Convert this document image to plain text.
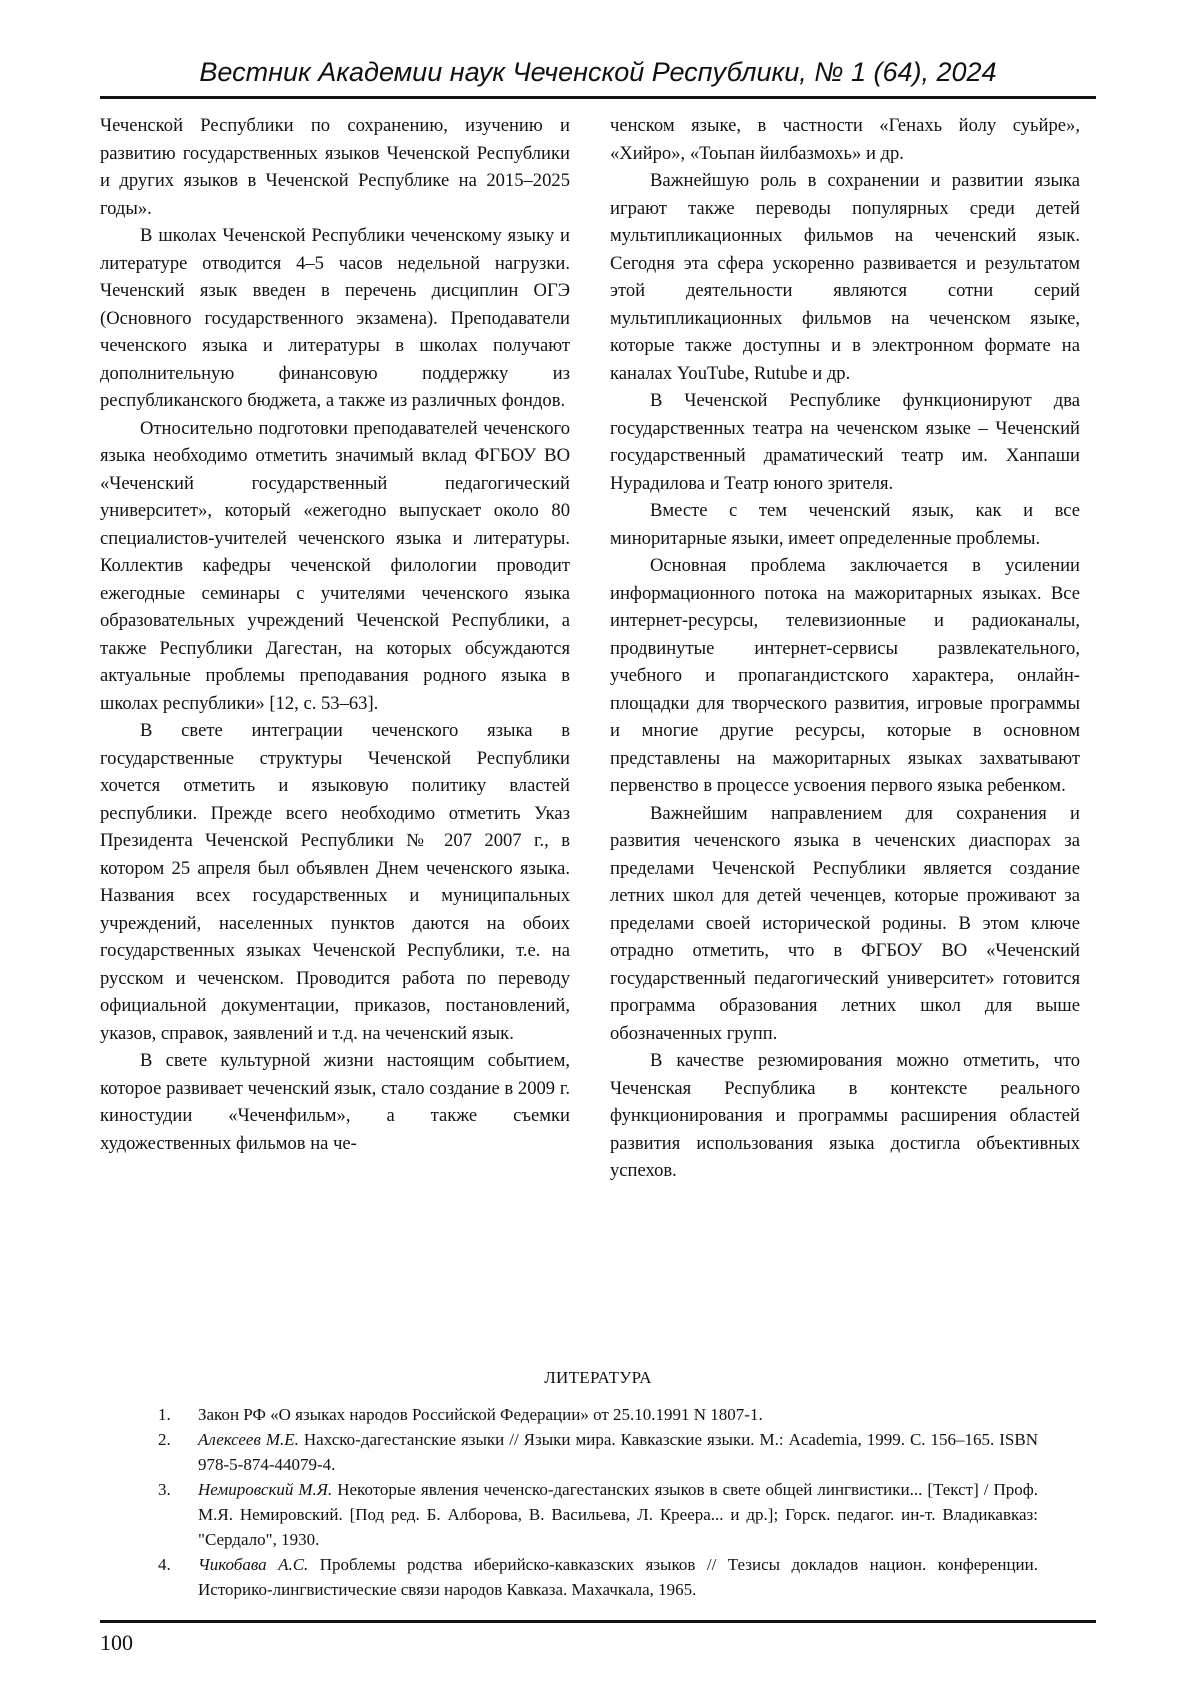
Вестник Академии наук Чеченской Республики, № 1 (64), 2024

Чеченской Республики по сохранению, изучению и развитию государственных языков Чеченской Республики и других языков в Чеченской Республике на 2015–2025 годы».

В школах Чеченской Республики чеченскому языку и литературе отводится 4–5 часов недельной нагрузки. Чеченский язык введен в перечень дисциплин ОГЭ (Основного государственного экзамена). Преподаватели чеченского языка и литературы в школах получают дополнительную финансовую поддержку из республиканского бюджета, а также из различных фондов.

Относительно подготовки преподавателей чеченского языка необходимо отметить значимый вклад ФГБОУ ВО «Чеченский государственный педагогический университет», который «ежегодно выпускает около 80 специалистов-учителей чеченского языка и литературы. Коллектив кафедры чеченской филологии проводит ежегодные семинары с учителями чеченского языка образовательных учреждений Чеченской Республики, а также Республики Дагестан, на которых обсуждаются актуальные проблемы преподавания родного языка в школах республики» [12, с. 53–63].

В свете интеграции чеченского языка в государственные структуры Чеченской Республики хочется отметить и языковую политику властей республики. Прежде всего необходимо отметить Указ Президента Чеченской Республики № 207 2007 г., в котором 25 апреля был объявлен Днем чеченского языка. Названия всех государственных и муниципальных учреждений, населенных пунктов даются на обоих государственных языках Чеченской Республики, т.е. на русском и чеченском. Проводится работа по переводу официальной документации, приказов, постановлений, указов, справок, заявлений и т.д. на чеченский язык.

В свете культурной жизни настоящим событием, которое развивает чеченский язык, стало создание в 2009 г. киностудии «Чеченфильм», а также съемки художественных фильмов на че-

ченском языке, в частности «Генахь йолу суьйре», «Хийро», «Тоьпан йилбазмохь» и др.

Важнейшую роль в сохранении и развитии языка играют также переводы популярных среди детей мультипликационных фильмов на чеченский язык. Сегодня эта сфера ускоренно развивается и результатом этой деятельности являются сотни серий мультипликационных фильмов на чеченском языке, которые также доступны и в электронном формате на каналах YouTube, Rutube и др.

В Чеченской Республике функционируют два государственных театра на чеченском языке – Чеченский государственный драматический театр им. Ханпаши Нурадилова и Театр юного зрителя.

Вместе с тем чеченский язык, как и все миноритарные языки, имеет определенные проблемы.

Основная проблема заключается в усилении информационного потока на мажоритарных языках. Все интернет-ресурсы, телевизионные и радиоканалы, продвинутые интернет-сервисы развлекательного, учебного и пропагандистского характера, онлайн-площадки для творческого развития, игровые программы и многие другие ресурсы, которые в основном представлены на мажоритарных языках захватывают первенство в процессе усвоения первого языка ребенком.

Важнейшим направлением для сохранения и развития чеченского языка в чеченских диаспорах за пределами Чеченской Республики является создание летних школ для детей чеченцев, которые проживают за пределами своей исторической родины. В этом ключе отрадно отметить, что в ФГБОУ ВО «Чеченский государственный педагогический университет» готовится программа образования летних школ для выше обозначенных групп.

В качестве резюмирования можно отметить, что Чеченская Республика в контексте реального функционирования и программы расширения областей развития использования языка достигла объективных успехов.

ЛИТЕРАТУРА
1. Закон РФ «О языках народов Российской Федерации» от 25.10.1991 N 1807-1.
2. Алексеев М.Е. Нахско-дагестанские языки // Языки мира. Кавказские языки. М.: Academia, 1999. С. 156–165. ISBN 978-5-874-44079-4.
3. Немировский М.Я. Некоторые явления чеченско-дагестанских языков в свете общей лингвистики... [Текст] / Проф. М.Я. Немировский. [Под ред. Б. Алборова, В. Васильева, Л. Креера... и др.]; Горск. педагог. ин-т. Владикавказ: "Сердало", 1930.
4. Чикобава А.С. Проблемы родства иберийско-кавказских языков // Тезисы докладов национ. конференции. Историко-лингвистические связи народов Кавказа. Махачкала, 1965.
100
